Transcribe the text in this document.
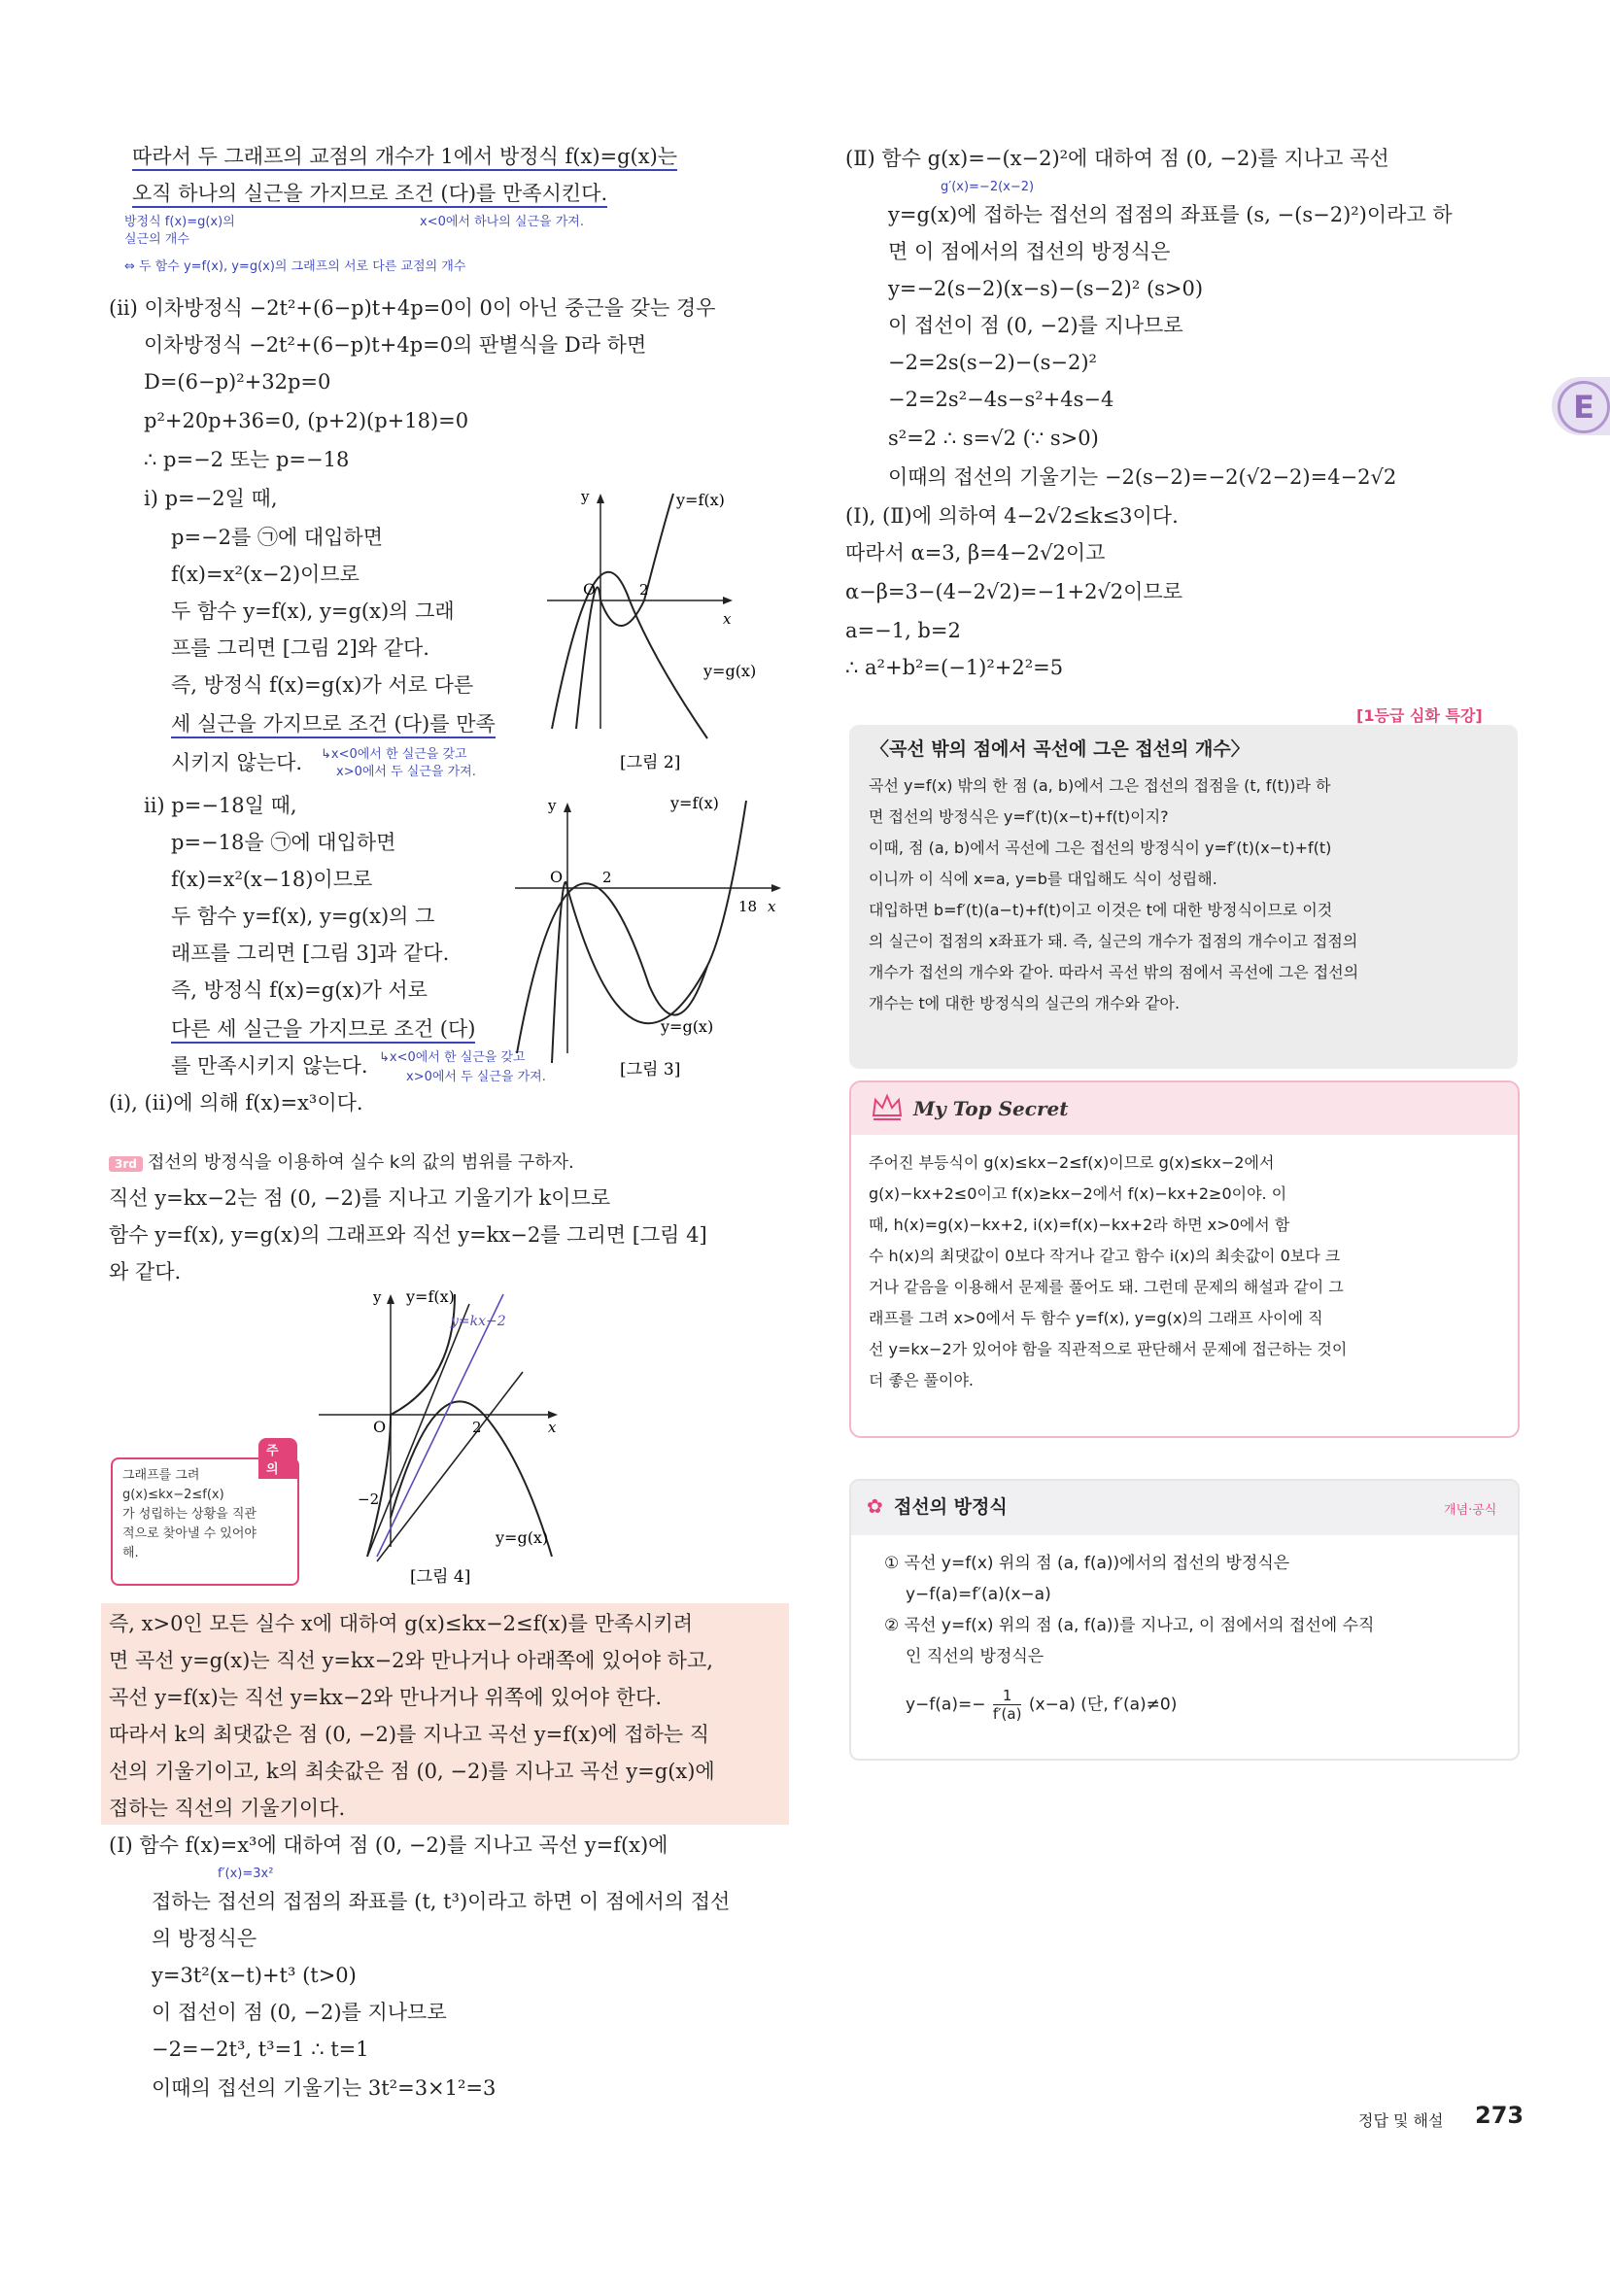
따라서 두 그래프의 교점의 개수가 1에서 방정식 f(x)=g(x)는
오직 하나의 실근을 가지므로 조건 (다)를 만족시킨다.
방정식 f(x)=g(x)의
실근의 개수
⇔ 두 함수 y=f(x), y=g(x)의 그래프의 서로 다른 교점의 개수
x<0에서 하나의 실근을 가져.
(ii) 이차방정식 −2t²+(6−p)t+4p=0이 0이 아닌 중근을 갖는 경우
이차방정식 −2t²+(6−p)t+4p=0의 판별식을 D라 하면
D=(6−p)²+32p=0
p²+20p+36=0, (p+2)(p+18)=0
∴ p=−2 또는 p=−18
i) p=−2일 때,
p=−2를 ㉠에 대입하면
f(x)=x²(x−2)이므로
두 함수 y=f(x), y=g(x)의 그래
프를 그리면 [그림 2]와 같다.
즉, 방정식 f(x)=g(x)가 서로 다른
세 실근을 가지므로 조건 (다)를 만족
시키지 않는다. ↳x<0에서 한 실근을 갖고
x>0에서 두 실근을 가져.
ii) p=−18일 때,
p=−18을 ㉠에 대입하면
f(x)=x²(x−18)이므로
두 함수 y=f(x), y=g(x)의 그
래프를 그리면 [그림 3]과 같다.
즉, 방정식 f(x)=g(x)가 서로
다른 세 실근을 가지므로 조건 (다)
를 만족시키지 않는다. ↳x<0에서 한 실근을 갖고
x>0에서 두 실근을 가져.
(i), (ii)에 의해 f(x)=x³이다.
3rd 접선의 방정식을 이용하여 실수 k의 값의 범위를 구하자.
직선 y=kx−2는 점 (0, −2)를 지나고 기울기가 k이므로
함수 y=f(x), y=g(x)의 그래프와 직선 y=kx−2를 그리면 [그림 4]
와 같다.
주의
그래프를 그려
g(x)≤kx−2≤f(x)
가 성립하는 상황을 직관
적으로 찾아낼 수 있어야
해.
즉, x>0인 모든 실수 x에 대하여 g(x)≤kx−2≤f(x)를 만족시키려
면 곡선 y=g(x)는 직선 y=kx−2와 만나거나 아래쪽에 있어야 하고,
곡선 y=f(x)는 직선 y=kx−2와 만나거나 위쪽에 있어야 한다.
따라서 k의 최댓값은 점 (0, −2)를 지나고 곡선 y=f(x)에 접하는 직
선의 기울기이고, k의 최솟값은 점 (0, −2)를 지나고 곡선 y=g(x)에
접하는 직선의 기울기이다.
(Ⅰ) 함수 f(x)=x³에 대하여 점 (0, −2)를 지나고 곡선 y=f(x)에
f′(x)=3x²
접하는 접선의 접점의 좌표를 (t, t³)이라고 하면 이 점에서의 접선
의 방정식은
y=3t²(x−t)+t³ (t>0)
이 접선이 점 (0, −2)를 지나므로
−2=−2t³, t³=1 ∴ t=1
이때의 접선의 기울기는 3t²=3×1²=3
y
x
O	2
y=f(x)
y=g(x)
[그림 2]
y
x
O	2
18
y=f(x)
y=g(x)
[그림 3]
y
x
O	2
−2
y=f(x)
y=kx−2
y=g(x)
[그림 4]
(Ⅱ) 함수 g(x)=−(x−2)²에 대하여 점 (0, −2)를 지나고 곡선
g′(x)=−2(x−2)
y=g(x)에 접하는 접선의 접점의 좌표를 (s, −(s−2)²)이라고 하
면 이 점에서의 접선의 방정식은
y=−2(s−2)(x−s)−(s−2)² (s>0)
이 접선이 점 (0, −2)를 지나므로
−2=2s(s−2)−(s−2)²
−2=2s²−4s−s²+4s−4
s²=2 ∴ s=√2 (∵ s>0)
이때의 접선의 기울기는 −2(s−2)=−2(√2−2)=4−2√2
(Ⅰ), (Ⅱ)에 의하여 4−2√2≤k≤3이다.
따라서 α=3, β=4−2√2이고
α−β=3−(4−2√2)=−1+2√2이므로
a=−1, b=2
∴ a²+b²=(−1)²+2²=5
[1등급 심화 특강]
〈곡선 밖의 점에서 곡선에 그은 접선의 개수〉
곡선 y=f(x) 밖의 한 점 (a, b)에서 그은 접선의 접점을 (t, f(t))라 하
면 접선의 방정식은 y=f′(t)(x−t)+f(t)이지?
이때, 점 (a, b)에서 곡선에 그은 접선의 방정식이 y=f′(t)(x−t)+f(t)
이니까 이 식에 x=a, y=b를 대입해도 식이 성립해.
대입하면 b=f′(t)(a−t)+f(t)이고 이것은 t에 대한 방정식이므로 이것
의 실근이 접점의 x좌표가 돼. 즉, 실근의 개수가 접점의 개수이고 접점의
개수가 접선의 개수와 같아. 따라서 곡선 밖의 점에서 곡선에 그은 접선의
개수는 t에 대한 방정식의 실근의 개수와 같아.
My Top Secret
주어진 부등식이 g(x)≤kx−2≤f(x)이므로 g(x)≤kx−2에서
g(x)−kx+2≤0이고 f(x)≥kx−2에서 f(x)−kx+2≥0이야. 이
때, h(x)=g(x)−kx+2, i(x)=f(x)−kx+2라 하면 x>0에서 함
수 h(x)의 최댓값이 0보다 작거나 같고 함수 i(x)의 최솟값이 0보다 크
거나 같음을 이용해서 문제를 풀어도 돼. 그런데 문제의 해설과 같이 그
래프를 그려 x>0에서 두 함수 y=f(x), y=g(x)의 그래프 사이에 직
선 y=kx−2가 있어야 함을 직관적으로 판단해서 문제에 접근하는 것이
더 좋은 풀이야.
✿ 접선의 방정식	개념·공식
① 곡선 y=f(x) 위의 점 (a, f(a))에서의 접선의 방정식은
y−f(a)=f′(a)(x−a)
② 곡선 y=f(x) 위의 점 (a, f(a))를 지나고, 이 점에서의 접선에 수직
인 직선의 방정식은
$y-f(a)=- \frac{1}{f'(a)} (x-a)$ (단, f′(a)≠0)
E
정답 및 해설 273
